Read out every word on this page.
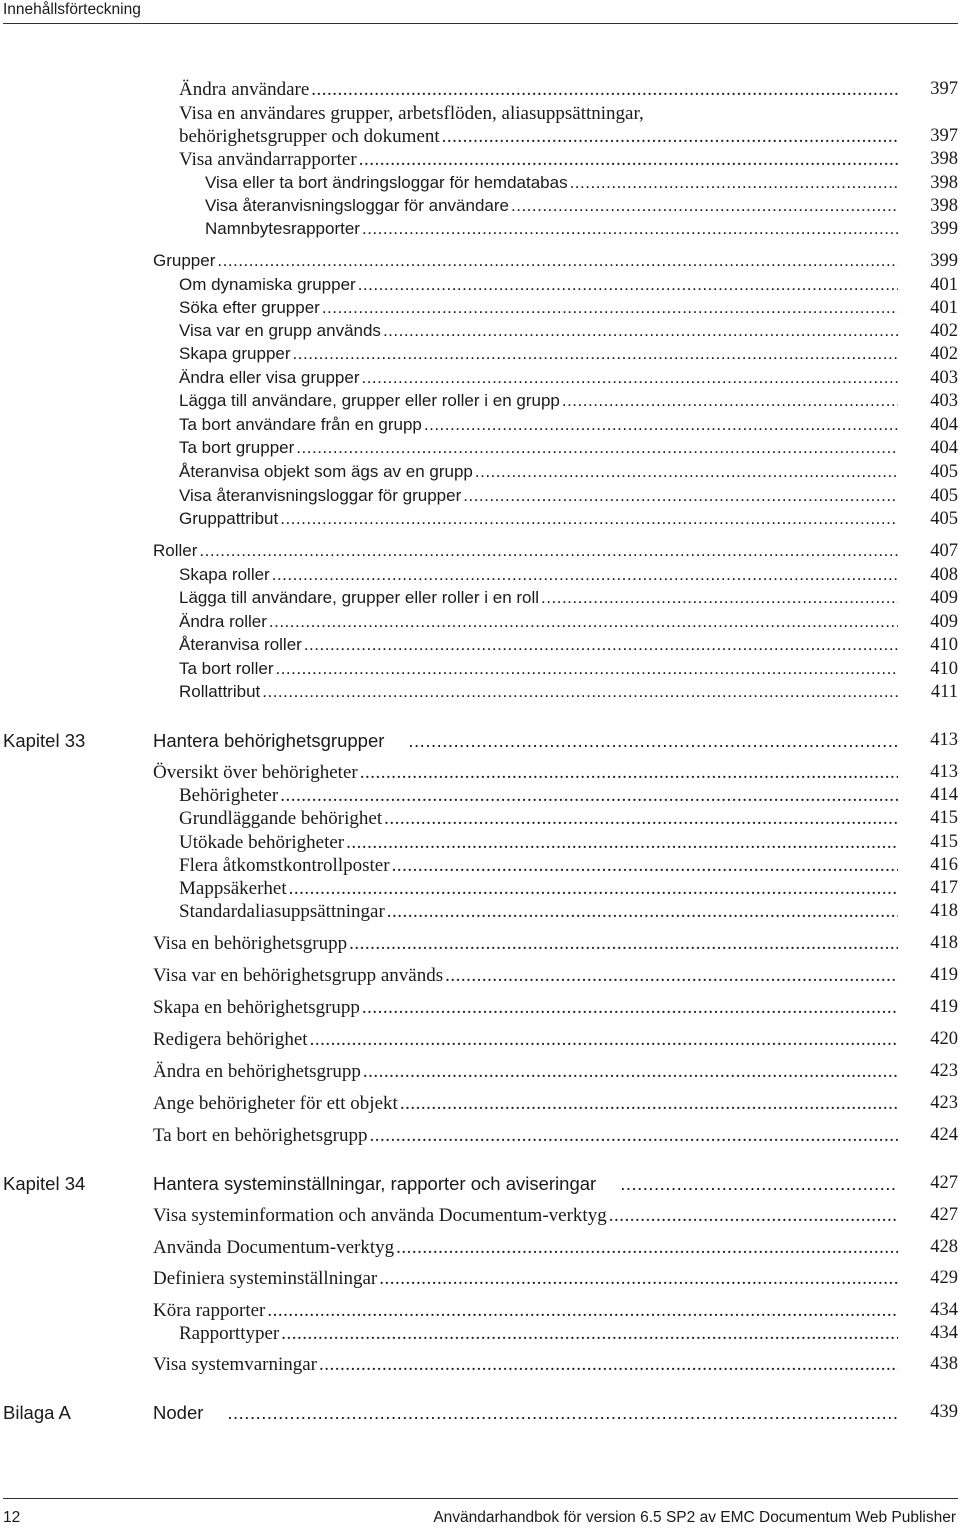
Innehållsförteckning
Ändra användare .....	397
Visa en användares grupper, arbetsflöden, aliasuppsättningar,
behörighetsgrupper och dokument .....	397
Visa användarrapporter .....	398
Visa eller ta bort ändringsloggar för hemdatabas .....	398
Visa återanvisningsloggar för användare .....	398
Namnbytesrapporter .....	399
Grupper .....	399
Om dynamiska grupper .....	401
Söka efter grupper .....	401
Visa var en grupp används .....	402
Skapa grupper .....	402
Ändra eller visa grupper .....	403
Lägga till användare, grupper eller roller i en grupp .....	403
Ta bort användare från en grupp .....	404
Ta bort grupper .....	404
Återanvisa objekt som ägs av en grupp .....	405
Visa återanvisningsloggar för grupper .....	405
Gruppattribut .....	405
Roller .....	407
Skapa roller .....	408
Lägga till användare, grupper eller roller i en roll .....	409
Ändra roller .....	409
Återanvisa roller .....	410
Ta bort roller .....	410
Rollattribut .....	411
Kapitel 33	Hantera behörighetsgrupper .....	413
Översikt över behörigheter .....	413
Behörigheter .....	414
Grundläggande behörighet .....	415
Utökade behörigheter .....	415
Flera åtkomstkontrollposter .....	416
Mappsäkerhet .....	417
Standardaliasuppsättningar .....	418
Visa en behörighetsgrupp .....	418
Visa var en behörighetsgrupp används .....	419
Skapa en behörighetsgrupp .....	419
Redigera behörighet .....	420
Ändra en behörighetsgrupp .....	423
Ange behörigheter för ett objekt .....	423
Ta bort en behörighetsgrupp .....	424
Kapitel 34	Hantera systeminställningar, rapporter och aviseringar .....	427
Visa systeminformation och använda Documentum-verktyg .....	427
Använda Documentum-verktyg .....	428
Definiera systeminställningar .....	429
Köra rapporter .....	434
Rapporttyper .....	434
Visa systemvarningar .....	438
Bilaga A	Noder .....	439
12	Användarhandbok för version 6.5 SP2 av EMC Documentum Web Publisher
